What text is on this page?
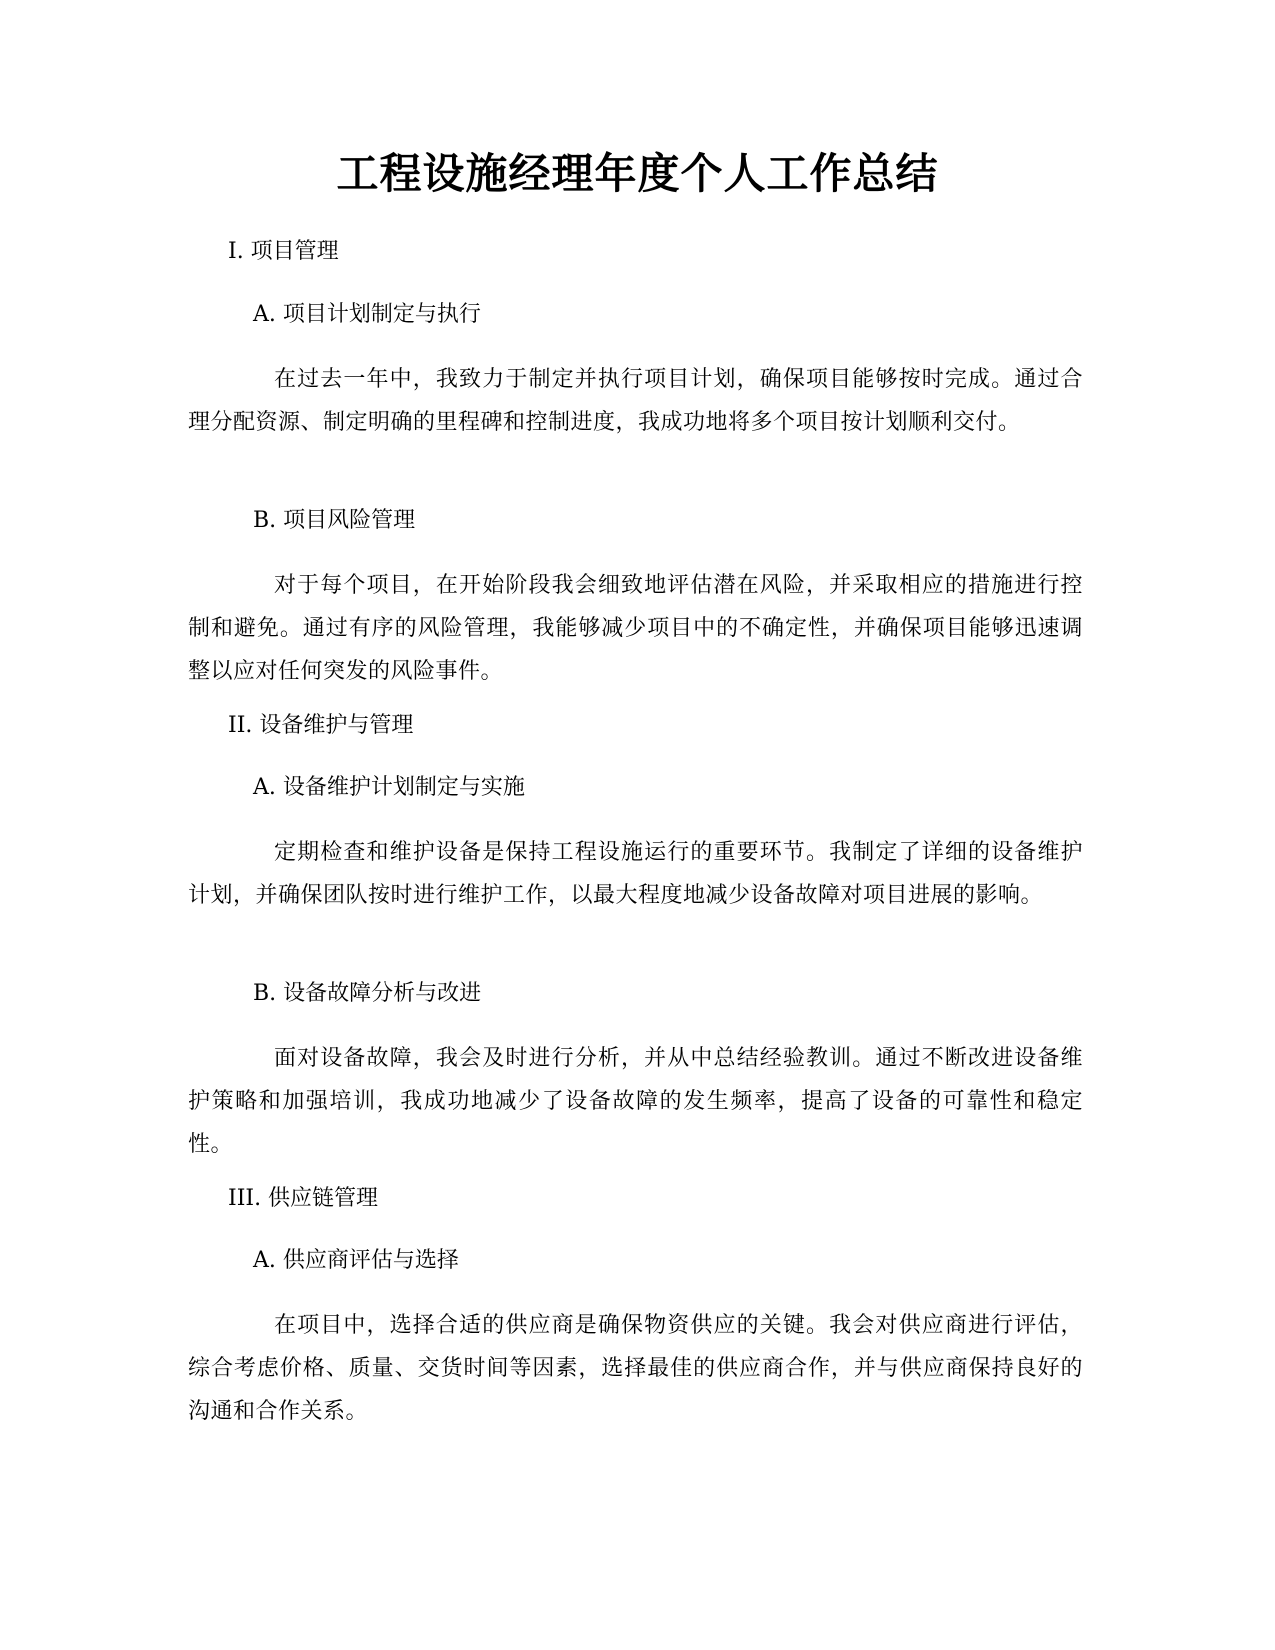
工程设施经理年度个人工作总结
I. 项目管理
A. 项目计划制定与执行

在过去一年中，我致力于制定并执行项目计划，确保项目能够按时完成。通过合理分配资源、制定明确的里程碑和控制进度，我成功地将多个项目按计划顺利交付。

B. 项目风险管理

对于每个项目，在开始阶段我会细致地评估潜在风险，并采取相应的措施进行控制和避免。通过有序的风险管理，我能够减少项目中的不确定性，并确保项目能够迅速调整以应对任何突发的风险事件。

II. 设备维护与管理
A. 设备维护计划制定与实施

定期检查和维护设备是保持工程设施运行的重要环节。我制定了详细的设备维护计划，并确保团队按时进行维护工作，以最大程度地减少设备故障对项目进展的影响。

B. 设备故障分析与改进

面对设备故障，我会及时进行分析，并从中总结经验教训。通过不断改进设备维护策略和加强培训，我成功地减少了设备故障的发生频率，提高了设备的可靠性和稳定性。

III. 供应链管理
A. 供应商评估与选择

在项目中，选择合适的供应商是确保物资供应的关键。我会对供应商进行评估，综合考虑价格、质量、交货时间等因素，选择最佳的供应商合作，并与供应商保持良好的沟通和合作关系。
